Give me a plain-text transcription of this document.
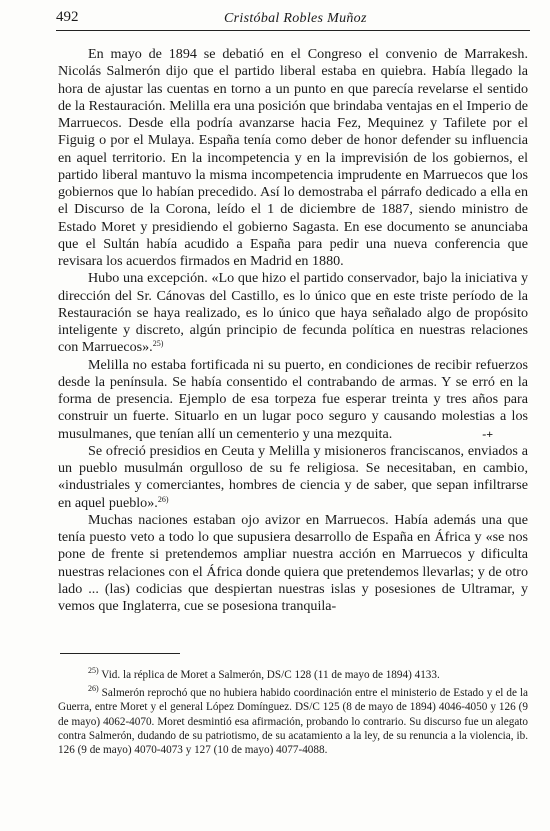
492	Cristóbal Robles Muñoz

En mayo de 1894 se debatió en el Congreso el convenio de Marrakesh. Nicolás Salmerón dijo que el partido liberal estaba en quiebra. Había llegado la hora de ajustar las cuentas en torno a un punto en que parecía revelarse el sentido de la Restauración. Melilla era una posición que brindaba ventajas en el Imperio de Marruecos. Desde ella podría avanzarse hacia Fez, Mequinez y Tafilete por el Figuig o por el Mulaya. España tenía como deber de honor defender su influencia en aquel territorio. En la incompetencia y en la imprevisión de los gobiernos, el partido liberal mantuvo la misma incompetencia imprudente en Marruecos que los gobiernos que lo habían precedido. Así lo demostraba el párrafo dedicado a ella en el Discurso de la Corona, leído el 1 de diciembre de 1887, siendo ministro de Estado Moret y presidiendo el gobierno Sagasta. En ese documento se anunciaba que el Sultán había acudido a España para pedir una nueva conferencia que revisara los acuerdos firmados en Madrid en 1880.

Hubo una excepción. «Lo que hizo el partido conservador, bajo la iniciativa y dirección del Sr. Cánovas del Castillo, es lo único que en este triste período de la Restauración se haya realizado, es lo único que haya señalado algo de propósito inteligente y discreto, algún principio de fecunda política en nuestras relaciones con Marruecos».$^{25)}$

Melilla no estaba fortificada ni su puerto, en condiciones de recibir refuerzos desde la península. Se había consentido el contrabando de armas. Y se erró en la forma de presencia. Ejemplo de esa torpeza fue esperar treinta y tres años para construir un fuerte. Situarlo en un lugar poco seguro y causando molestias a los musulmanes, que tenían allí un cementerio y una mezquita.	-+

Se ofreció presidios en Ceuta y Melilla y misioneros franciscanos, enviados a un pueblo musulmán orgulloso de su fe religiosa. Se necesitaban, en cambio, «industriales y comerciantes, hombres de ciencia y de saber, que sepan infiltrarse en aquel pueblo».$^{26)}$

Muchas naciones estaban ojo avizor en Marruecos. Había además una que tenía puesto veto a todo lo que supusiera desarrollo de España en África y «se nos pone de frente si pretendemos ampliar nuestra acción en Marruecos y dificulta nuestras relaciones con el África donde quiera que pretendemos llevarlas; y de otro lado ... (las) codicias que despiertan nuestras islas y posesiones de Ultramar, y vemos que Inglaterra, cue se posesiona tranquila-

$^{25)}$ Vid. la réplica de Moret a Salmerón, DS/C 128 (11 de mayo de 1894) 4133.

$^{26)}$ Salmerón reprochó que no hubiera habido coordinación entre el ministerio de Estado y el de la Guerra, entre Moret y el general López Domínguez. DS/C 125 (8 de mayo de 1894) 4046-4050 y 126 (9 de mayo) 4062-4070. Moret desmintió esa afirmación, probando lo contrario. Su discurso fue un alegato contra Salmerón, dudando de su patriotismo, de su acatamiento a la ley, de su renuncia a la violencia, ib. 126 (9 de mayo) 4070-4073 y 127 (10 de mayo) 4077-4088.
